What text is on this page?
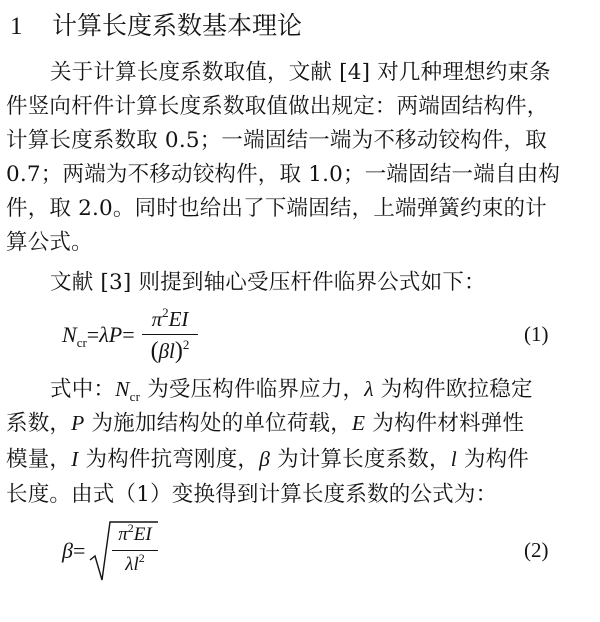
1 计算长度系数基本理论
关于计算长度系数取值，文献 [4] 对几种理想约束条
件竖向杆件计算长度系数取值做出规定：两端固结构件，
计算长度系数取 0.5；一端固结一端为不移动铰构件，取
0.7；两端为不移动铰构件，取 1.0；一端固结一端自由构
件，取 2.0。同时也给出了下端固结，上端弹簧约束的计
算公式。
文献 [3] 则提到轴心受压杆件临界公式如下：
$N_{cr}=\lambda P=$
$\pi^2EI$
$(\beta l)^2$	(1)
式中：$N_{cr}$ 为受压构件临界应力，λ 为构件欧拉稳定
系数，P 为施加结构处的单位荷载，E 为构件材料弹性
模量，I 为构件抗弯刚度，β 为计算长度系数，l 为构件
长度。由式（1）变换得到计算长度系数的公式为：
β=
$\pi^2EI$
$\lambda l^2$	(2)
